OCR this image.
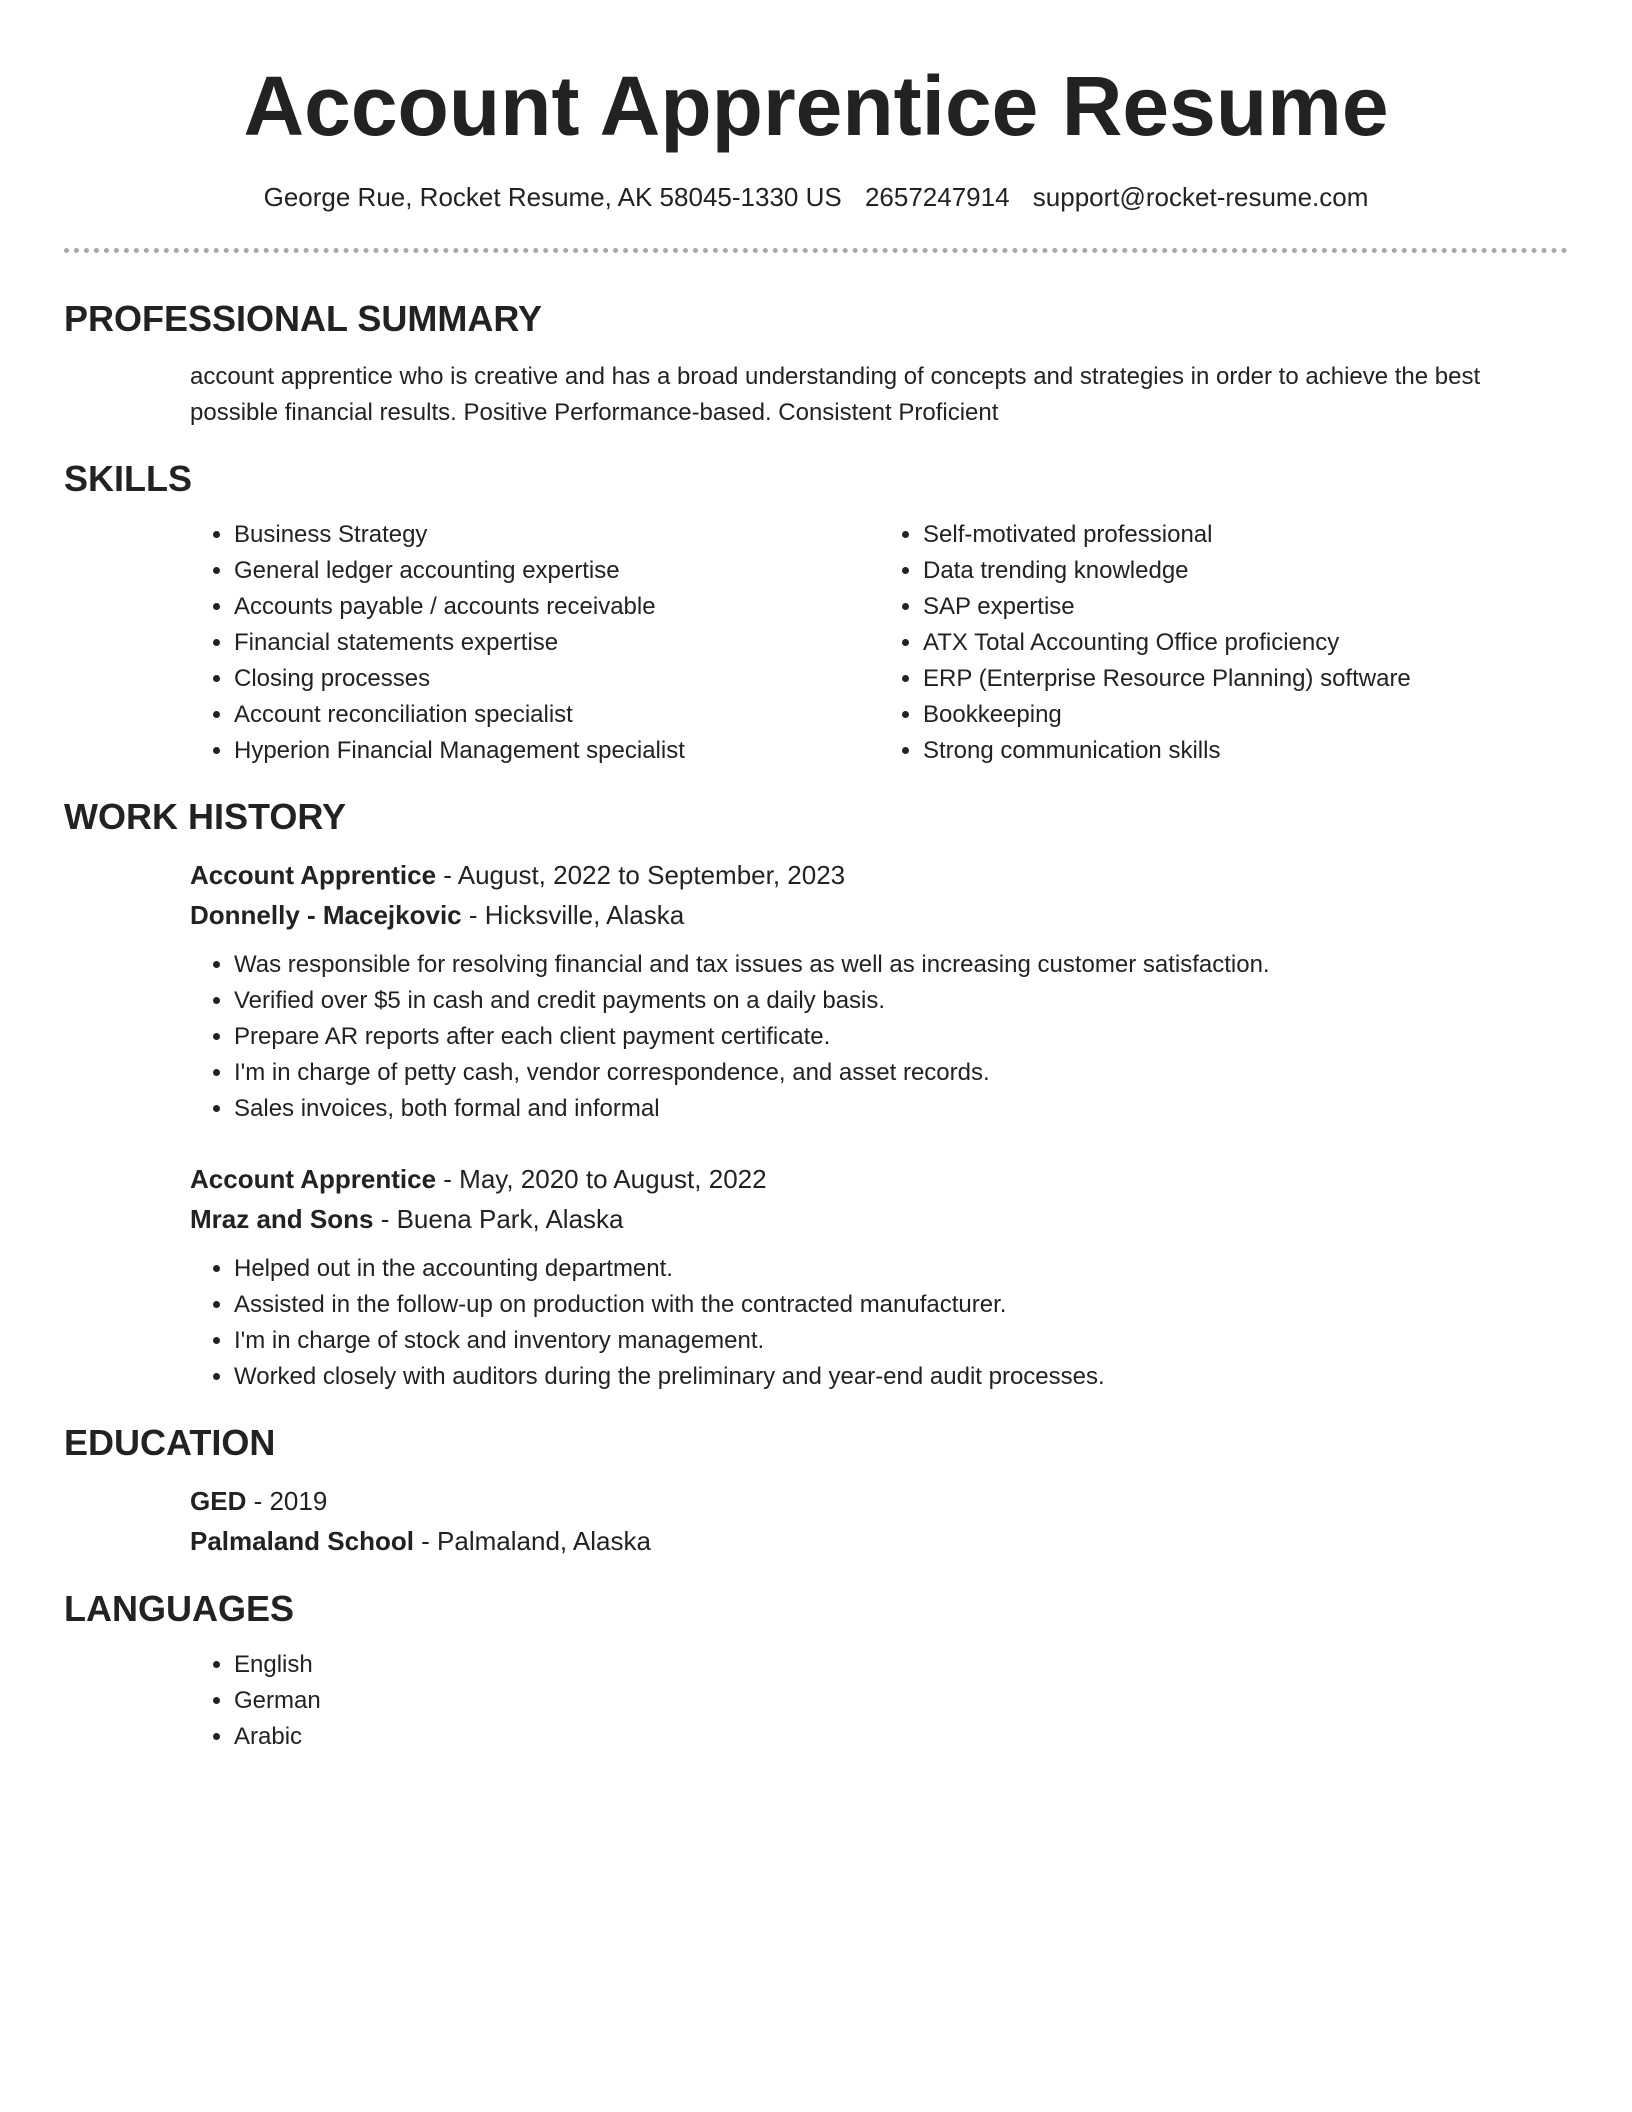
Account Apprentice Resume
George Rue, Rocket Resume, AK 58045-1330 US 2657247914 support@rocket-resume.com
PROFESSIONAL SUMMARY

account apprentice who is creative and has a broad understanding of concepts and strategies in order to achieve the best possible financial results. Positive Performance-based. Consistent Proficient

SKILLS
• Business Strategy
• General ledger accounting expertise
• Accounts payable / accounts receivable
• Financial statements expertise
• Closing processes
• Account reconciliation specialist
• Hyperion Financial Management specialist
• Self-motivated professional
• Data trending knowledge
• SAP expertise
• ATX Total Accounting Office proficiency
• ERP (Enterprise Resource Planning) software
• Bookkeeping
• Strong communication skills
WORK HISTORY
Account Apprentice - August, 2022 to September, 2023
Donnelly - Macejkovic - Hicksville, Alaska
• Was responsible for resolving financial and tax issues as well as increasing customer satisfaction.
• Verified over $5 in cash and credit payments on a daily basis.
• Prepare AR reports after each client payment certificate.
• I'm in charge of petty cash, vendor correspondence, and asset records.
• Sales invoices, both formal and informal
Account Apprentice - May, 2020 to August, 2022
Mraz and Sons - Buena Park, Alaska
• Helped out in the accounting department.
• Assisted in the follow-up on production with the contracted manufacturer.
• I'm in charge of stock and inventory management.
• Worked closely with auditors during the preliminary and year-end audit processes.
EDUCATION
GED - 2019
Palmaland School - Palmaland, Alaska
LANGUAGES
• English
• German
• Arabic
